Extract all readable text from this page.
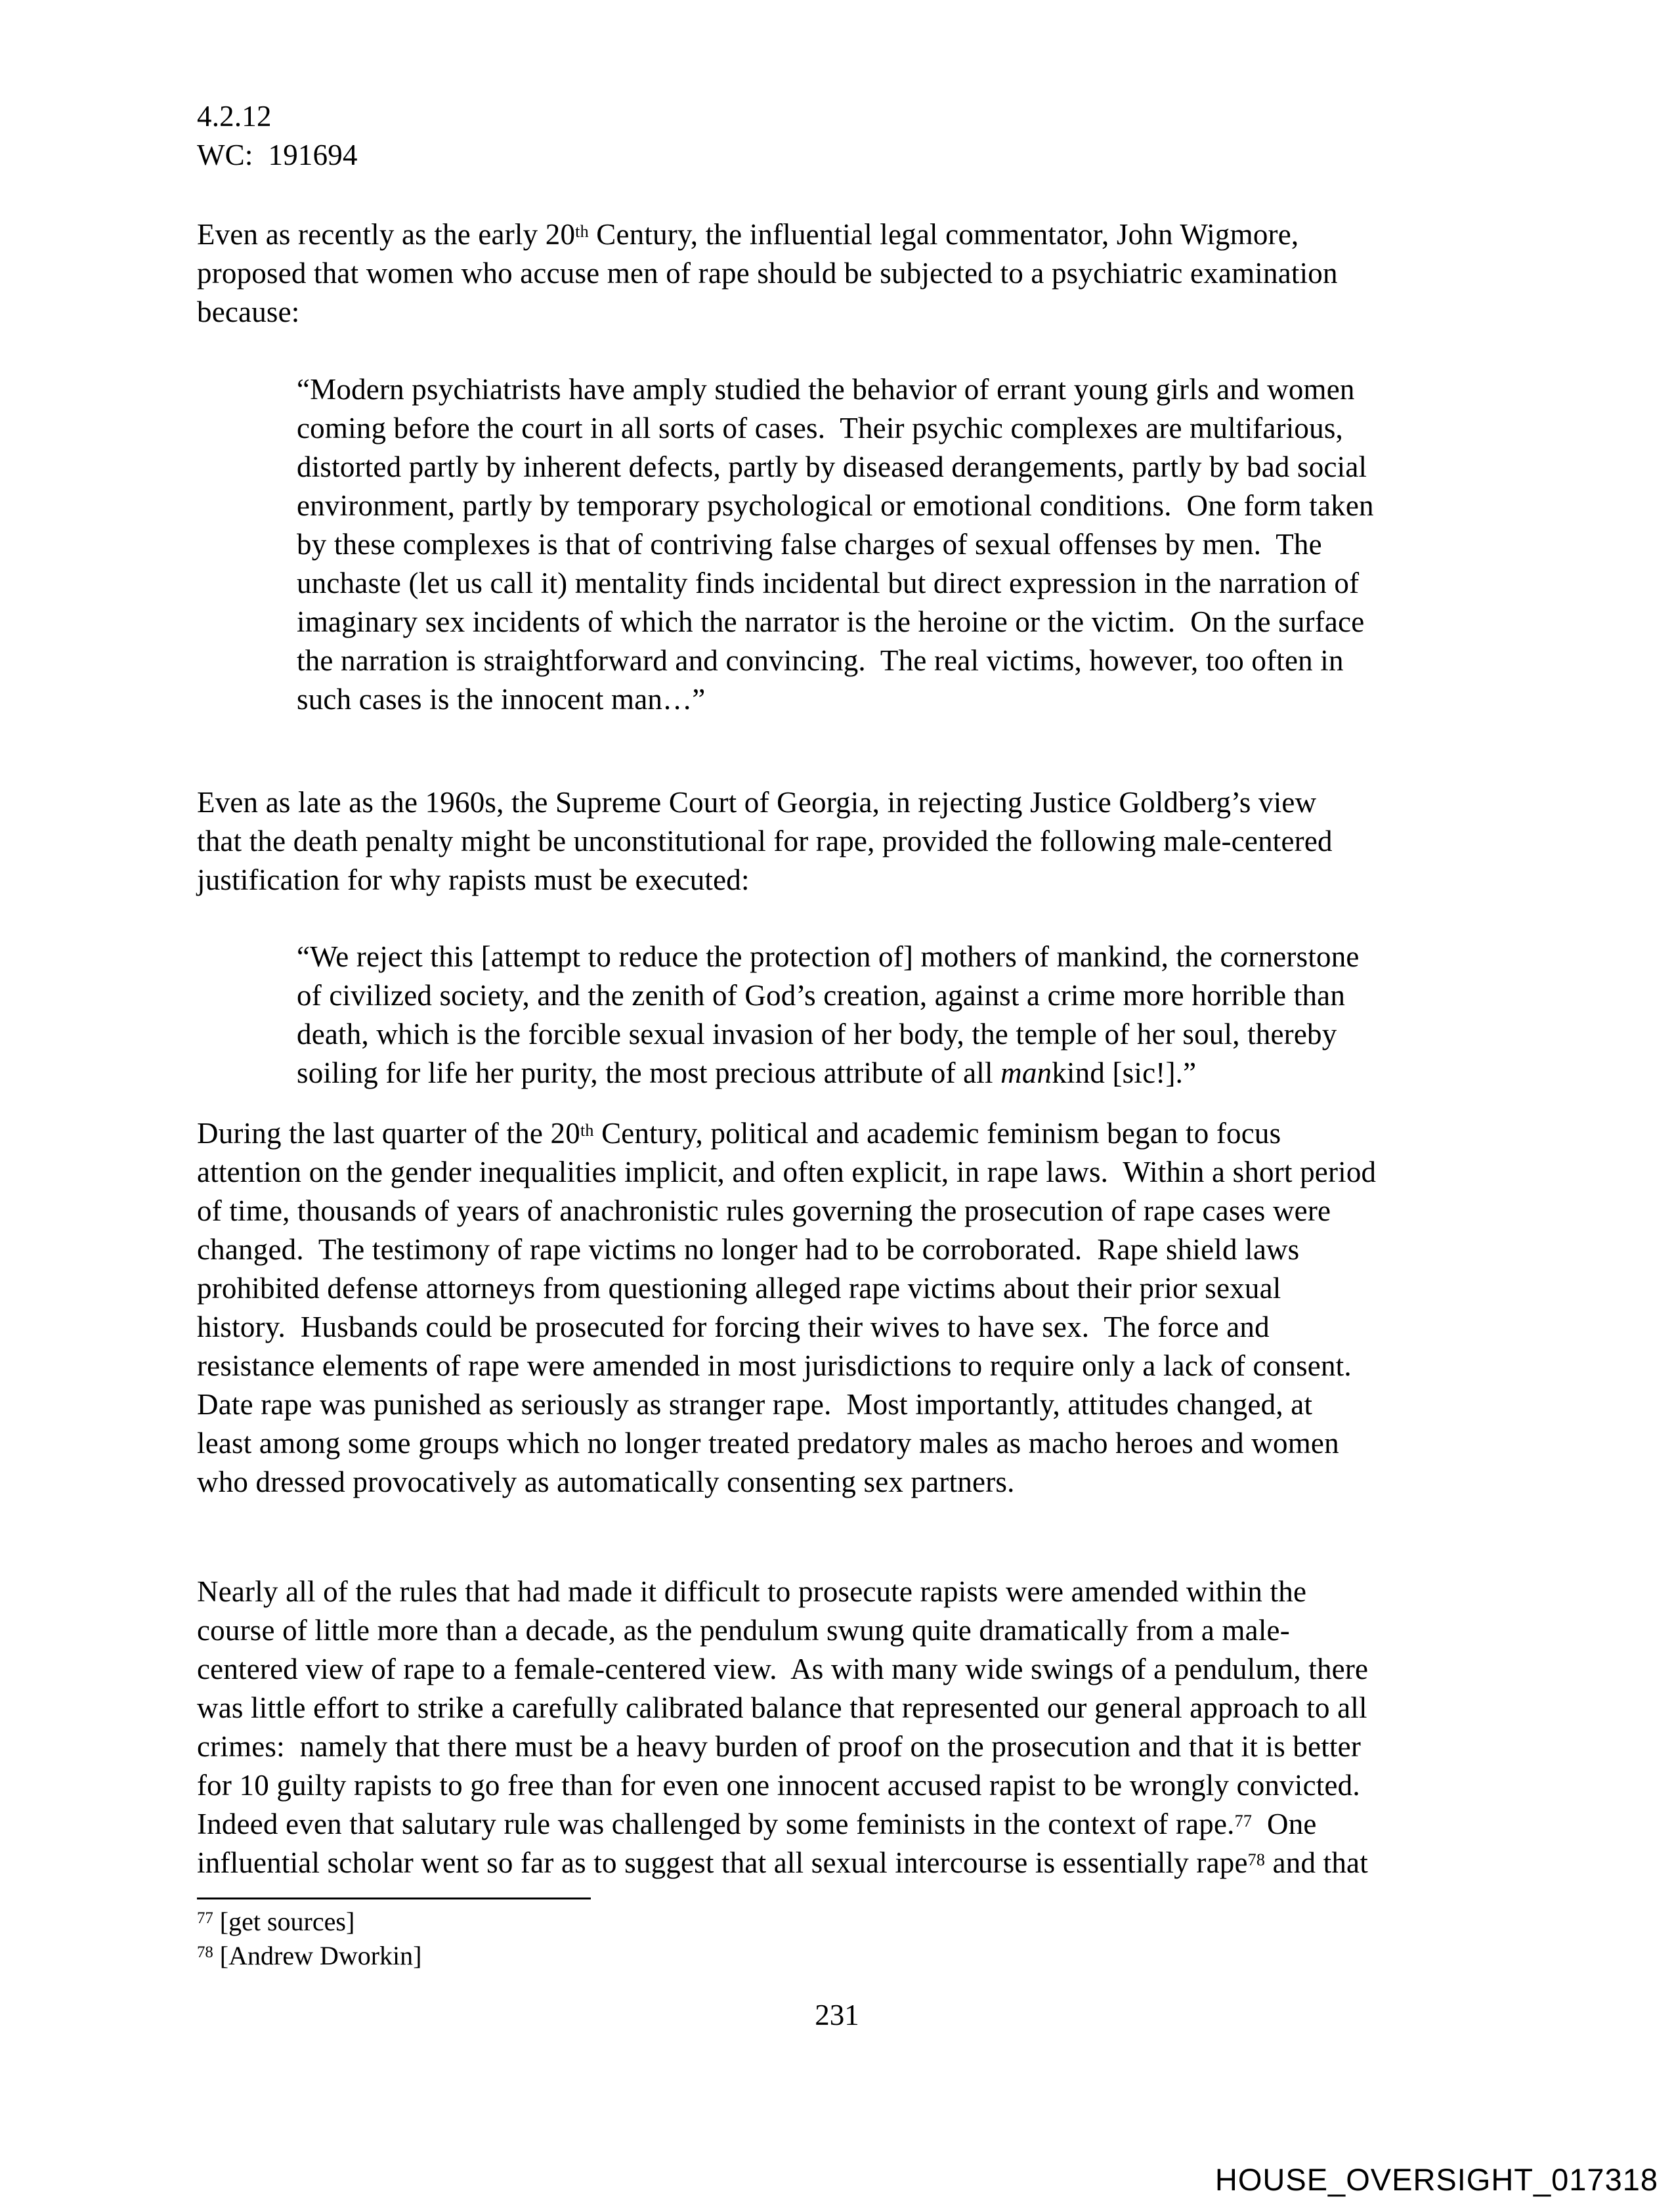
4.2.12
WC:  191694
Even as recently as the early 20th Century, the influential legal commentator, John Wigmore,
proposed that women who accuse men of rape should be subjected to a psychiatric examination
because:
“Modern psychiatrists have amply studied the behavior of errant young girls and women
coming before the court in all sorts of cases.  Their psychic complexes are multifarious,
distorted partly by inherent defects, partly by diseased derangements, partly by bad social
environment, partly by temporary psychological or emotional conditions.  One form taken
by these complexes is that of contriving false charges of sexual offenses by men.  The
unchaste (let us call it) mentality finds incidental but direct expression in the narration of
imaginary sex incidents of which the narrator is the heroine or the victim.  On the surface
the narration is straightforward and convincing.  The real victims, however, too often in
such cases is the innocent man…”
Even as late as the 1960s, the Supreme Court of Georgia, in rejecting Justice Goldberg’s view
that the death penalty might be unconstitutional for rape, provided the following male-centered
justification for why rapists must be executed:
“We reject this [attempt to reduce the protection of] mothers of mankind, the cornerstone
of civilized society, and the zenith of God’s creation, against a crime more horrible than
death, which is the forcible sexual invasion of her body, the temple of her soul, thereby
soiling for life her purity, the most precious attribute of all mankind [sic!].”
During the last quarter of the 20th Century, political and academic feminism began to focus
attention on the gender inequalities implicit, and often explicit, in rape laws.  Within a short period
of time, thousands of years of anachronistic rules governing the prosecution of rape cases were
changed.  The testimony of rape victims no longer had to be corroborated.  Rape shield laws
prohibited defense attorneys from questioning alleged rape victims about their prior sexual
history.  Husbands could be prosecuted for forcing their wives to have sex.  The force and
resistance elements of rape were amended in most jurisdictions to require only a lack of consent.
Date rape was punished as seriously as stranger rape.  Most importantly, attitudes changed, at
least among some groups which no longer treated predatory males as macho heroes and women
who dressed provocatively as automatically consenting sex partners.
Nearly all of the rules that had made it difficult to prosecute rapists were amended within the
course of little more than a decade, as the pendulum swung quite dramatically from a male-
centered view of rape to a female-centered view.  As with many wide swings of a pendulum, there
was little effort to strike a carefully calibrated balance that represented our general approach to all
crimes:  namely that there must be a heavy burden of proof on the prosecution and that it is better
for 10 guilty rapists to go free than for even one innocent accused rapist to be wrongly convicted.
Indeed even that salutary rule was challenged by some feminists in the context of rape.$^{77}$  One
influential scholar went so far as to suggest that all sexual intercourse is essentially rape$^{78}$ and that
$^{77}$ [get sources]
$^{78}$ [Andrew Dworkin]
231
HOUSE_OVERSIGHT_017318
